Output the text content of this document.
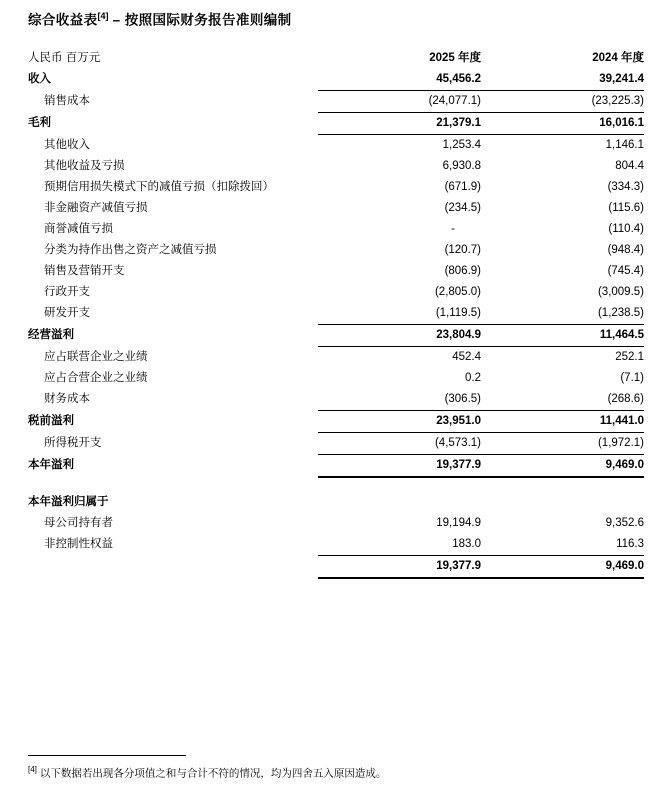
综合收益表[4] – 按照国际财务报告准则编制
人民币 百万元	2025 年度	2024 年度
收入	45,456.2	39,241.4
销售成本	(24,077.1)	(23,225.3)
毛利	21,379.1	16,016.1
其他收入	1,253.4	1,146.1
其他收益及亏损	6,930.8	804.4
预期信用损失模式下的减值亏损（扣除拨回）	(671.9)	(334.3)
非金融资产减值亏损	(234.5)	(115.6)
商誉减值亏损	-	(110.4)
分类为持作出售之资产之减值亏损	(120.7)	(948.4)
销售及营销开支	(806.9)	(745.4)
行政开支	(2,805.0)	(3,009.5)
研发开支	(1,119.5)	(1,238.5)
经营溢利	23,804.9	11,464.5
应占联营企业之业绩	452.4	252.1
应占合营企业之业绩	0.2	(7.1)
财务成本	(306.5)	(268.6)
税前溢利	23,951.0	11,441.0
所得税开支	(4,573.1)	(1,972.1)
本年溢利	19,377.9	9,469.0

本年溢利归属于		
母公司持有者	19,194.9	9,352.6
非控制性权益	183.0	116.3
	19,377.9	9,469.0
[4] 以下数据若出现各分项值之和与合计不符的情况，均为四舍五入原因造成。
